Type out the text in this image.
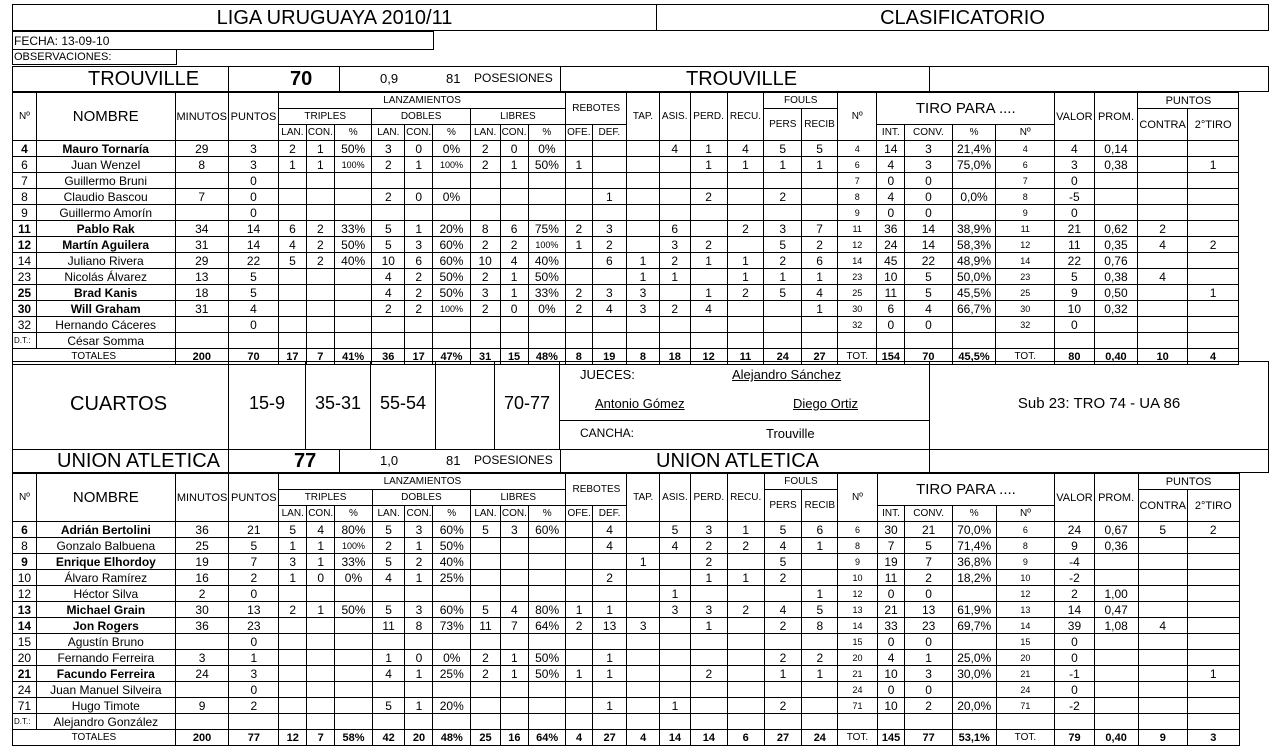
LIGA URUGUAYA 2010/11	CLASIFICATORIO
FECHA: 13-09-10
OBSERVACIONES:
TROUVILLE	70	0,9	81 POSESIONES	TROUVILLE
Nº	NOMBRE	MINUTOS	PUNTOS	LANZAMIENTOS									REBOTES		TAP.	ASIS.	PERD.	RECU.	FOULS		Nº	TIRO PARA ....				VALOR	PROM.	PUNTOS	
				TRIPLES			DOBLES			LIBRES									PERS	RECIB								CONTRA	2°TIRO
				LAN.	CON.	%	LAN.	CON.	%	LAN.	CON.	%	OFE.	DEF.								INT.	CONV.	%	Nº				
4	Mauro Tornaría	29	3	2	1	50%	3	0	0%	2	0	0%				4	1	4	5	5	4	14	3	21,4%	4	4	0,14		
6	Juan Wenzel	8	3	1	1	100%	2	1	100%	2	1	50%	1				1	1	1	1	6	4	3	75,0%	6	3	0,38		1
7	Guillermo Bruni		0																		7	0	0		7	0			
8	Claudio Bascou	7	0				2	0	0%					1			2		2		8	4	0	0,0%	8	-5			
9	Guillermo Amorín		0																		9	0	0		9	0			
11	Pablo Rak	34	14	6	2	33%	5	1	20%	8	6	75%	2	3		6		2	3	7	11	36	14	38,9%	11	21	0,62	2	
12	Martín Aguilera	31	14	4	2	50%	5	3	60%	2	2	100%	1	2		3	2		5	2	12	24	14	58,3%	12	11	0,35	4	2
14	Juliano Rivera	29	22	5	2	40%	10	6	60%	10	4	40%		6	1	2	1	1	2	6	14	45	22	48,9%	14	22	0,76		
23	Nicolás Álvarez	13	5				4	2	50%	2	1	50%			1	1		1	1	1	23	10	5	50,0%	23	5	0,38	4	
25	Brad Kanis	18	5				4	2	50%	3	1	33%	2	3	3		1	2	5	4	25	11	5	45,5%	25	9	0,50		1
30	Will Graham	31	4				2	2	100%	2	0	0%	2	4	3	2	4			1	30	6	4	66,7%	30	10	0,32		
32	Hernando Cáceres		0																		32	0	0		32	0			
D.T.:	César Somma																												
TOTALES		200	70	17	7	41%	36	17	47%	31	15	48%	8	19	8	18	12	11	24	27	TOT.	154	70	45,5%	TOT.	80	0,40	10	4
CUARTOS	15-9	35-31	55-54	70-77
JUECES:	Alejandro Sánchez
Antonio Gómez	Diego Ortiz
CANCHA:	Trouville
Sub 23: TRO 74 - UA 86
UNION ATLETICA	77	1,0	81 POSESIONES	UNION ATLETICA
Nº	NOMBRE	MINUTOS	PUNTOS	LANZAMIENTOS									REBOTES		TAP.	ASIS.	PERD.	RECU.	FOULS		Nº	TIRO PARA ....				VALOR	PROM.	PUNTOS	
				TRIPLES			DOBLES			LIBRES									PERS	RECIB								CONTRA	2°TIRO
				LAN.	CON.	%	LAN.	CON.	%	LAN.	CON.	%	OFE.	DEF.								INT.	CONV.	%	Nº				
6	Adrián Bertolini	36	21	5	4	80%	5	3	60%	5	3	60%		4		5	3	1	5	6	6	30	21	70,0%	6	24	0,67	5	2
8	Gonzalo Balbuena	25	5	1	1	100%	2	1	50%					4		4	2	2	4	1	8	7	5	71,4%	8	9	0,36		
9	Enrique Elhordoy	19	7	3	1	33%	5	2	40%						1		2		5		9	19	7	36,8%	9	-4			
10	Álvaro Ramírez	16	2	1	0	0%	4	1	25%					2			1	1	2		10	11	2	18,2%	10	-2			
12	Héctor Silva	2	0													1				1	12	0	0		12	2	1,00		
13	Michael Grain	30	13	2	1	50%	5	3	60%	5	4	80%	1	1		3	3	2	4	5	13	21	13	61,9%	13	14	0,47		
14	Jon Rogers	36	23				11	8	73%	11	7	64%	2	13	3		1		2	8	14	33	23	69,7%	14	39	1,08	4	
15	Agustín Bruno		0																		15	0	0		15	0			
20	Fernando Ferreira	3	1				1	0	0%	2	1	50%		1					2	2	20	4	1	25,0%	20	0			
21	Facundo Ferreira	24	3				4	1	25%	2	1	50%	1	1			2		1	1	21	10	3	30,0%	21	-1			1
24	Juan Manuel Silveira		0																		24	0	0		24	0			
71	Hugo Timote	9	2				5	1	20%					1		1			2		71	10	2	20,0%	71	-2			
D.T.:	Alejandro González																												
TOTALES		200	77	12	7	58%	42	20	48%	25	16	64%	4	27	4	14	14	6	27	24	TOT.	145	77	53,1%	TOT.	79	0,40	9	3
